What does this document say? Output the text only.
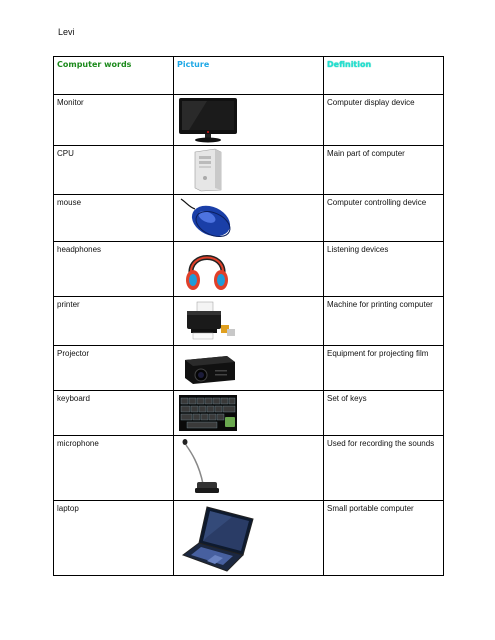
Levi
Computer words	Picture	Definition
Monitor		Computer display device
CPU		Main part of computer
mouse		Computer controlling device
headphones		Listening devices
printer		Machine for printing computer
Projector		Equipment for projecting film
keyboard		Set of keys
microphone		Used for recording the sounds
laptop		Small portable computer
